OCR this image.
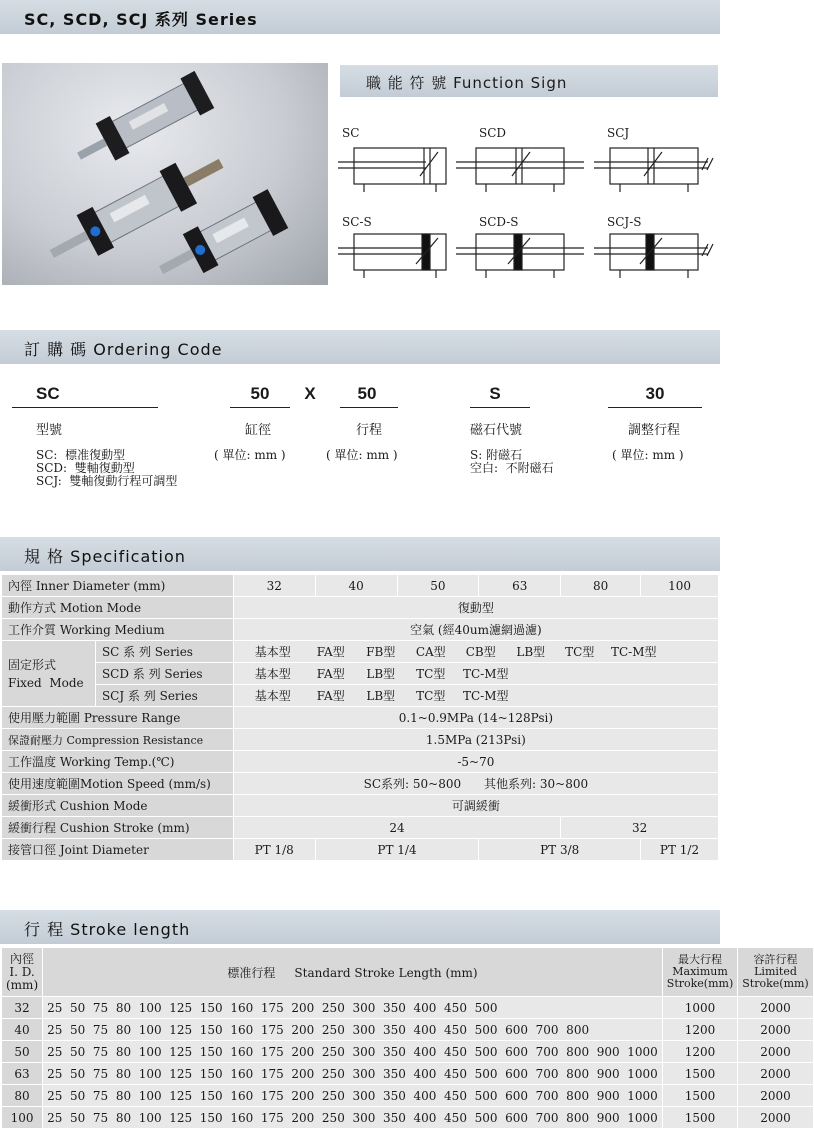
SC, SCD, SCJ 系列 Series
職 能 符 號 Function Sign
SC	SCD	SCJ
SC-S	SCD-S	SCJ-S
訂 購 碼 Ordering Code
SC	50	X	50	S	30
型號	缸徑	行程	磁石代號	調整行程
SC:  標准復動型
SCD:  雙軸復動型
SCJ:  雙軸復動行程可調型
( 單位: mm )	( 單位: mm )	S: 附磁石
空白:  不附磁石
( 單位: mm )
規 格 Specification
內徑 Inner Diameter (mm)		32	40	50	63	80	100
動作方式 Motion Mode		復動型					
工作介質 Working Medium		空氣 (經40um濾網過濾)					
固定形式
Fixed  Mode	SC 系 列 Series	基本型 FA型 FB型 CA型 CB型 LB型 TC型 TC-M型					
	SCD 系 列 Series	基本型 FA型 LB型 TC型 TC-M型					
	SCJ 系 列 Series	基本型 FA型 LB型 TC型 TC-M型					
使用壓力範圍 Pressure Range		0.1~0.9MPa (14~128Psi)					
保證耐壓力 Compression Resistance		1.5MPa (213Psi)					
工作溫度 Working Temp.(℃)		-5~70					
使用速度範圍Motion Speed (mm/s)		SC系列: 50~800      其他系列: 30~800					
緩衝形式 Cushion Mode		可調緩衝					
緩衝行程 Cushion Stroke (mm)		24				32	
接管口徑 Joint Diameter		PT 1/8	PT 1/4		PT 3/8		PT 1/2
行 程 Stroke length
內徑
I. D.
(mm)	標准行程     Standard Stroke Length (mm)	最大行程
Maximum
Stroke(mm)	容許行程
Limited
Stroke(mm)
32	25  50  75  80  100  125  150  160  175  200  250  300  350  400  450  500	1000	2000
40	25  50  75  80  100  125  150  160  175  200  250  300  350  400  450  500  600  700  800	1200	2000
50	25  50  75  80  100  125  150  160  175  200  250  300  350  400  450  500  600  700  800  900  1000	1200	2000
63	25  50  75  80  100  125  150  160  175  200  250  300  350  400  450  500  600  700  800  900  1000	1500	2000
80	25  50  75  80  100  125  150  160  175  200  250  300  350  400  450  500  600  700  800  900  1000	1500	2000
100	25  50  75  80  100  125  150  160  175  200  250  300  350  400  450  500  600  700  800  900  1000	1500	2000
